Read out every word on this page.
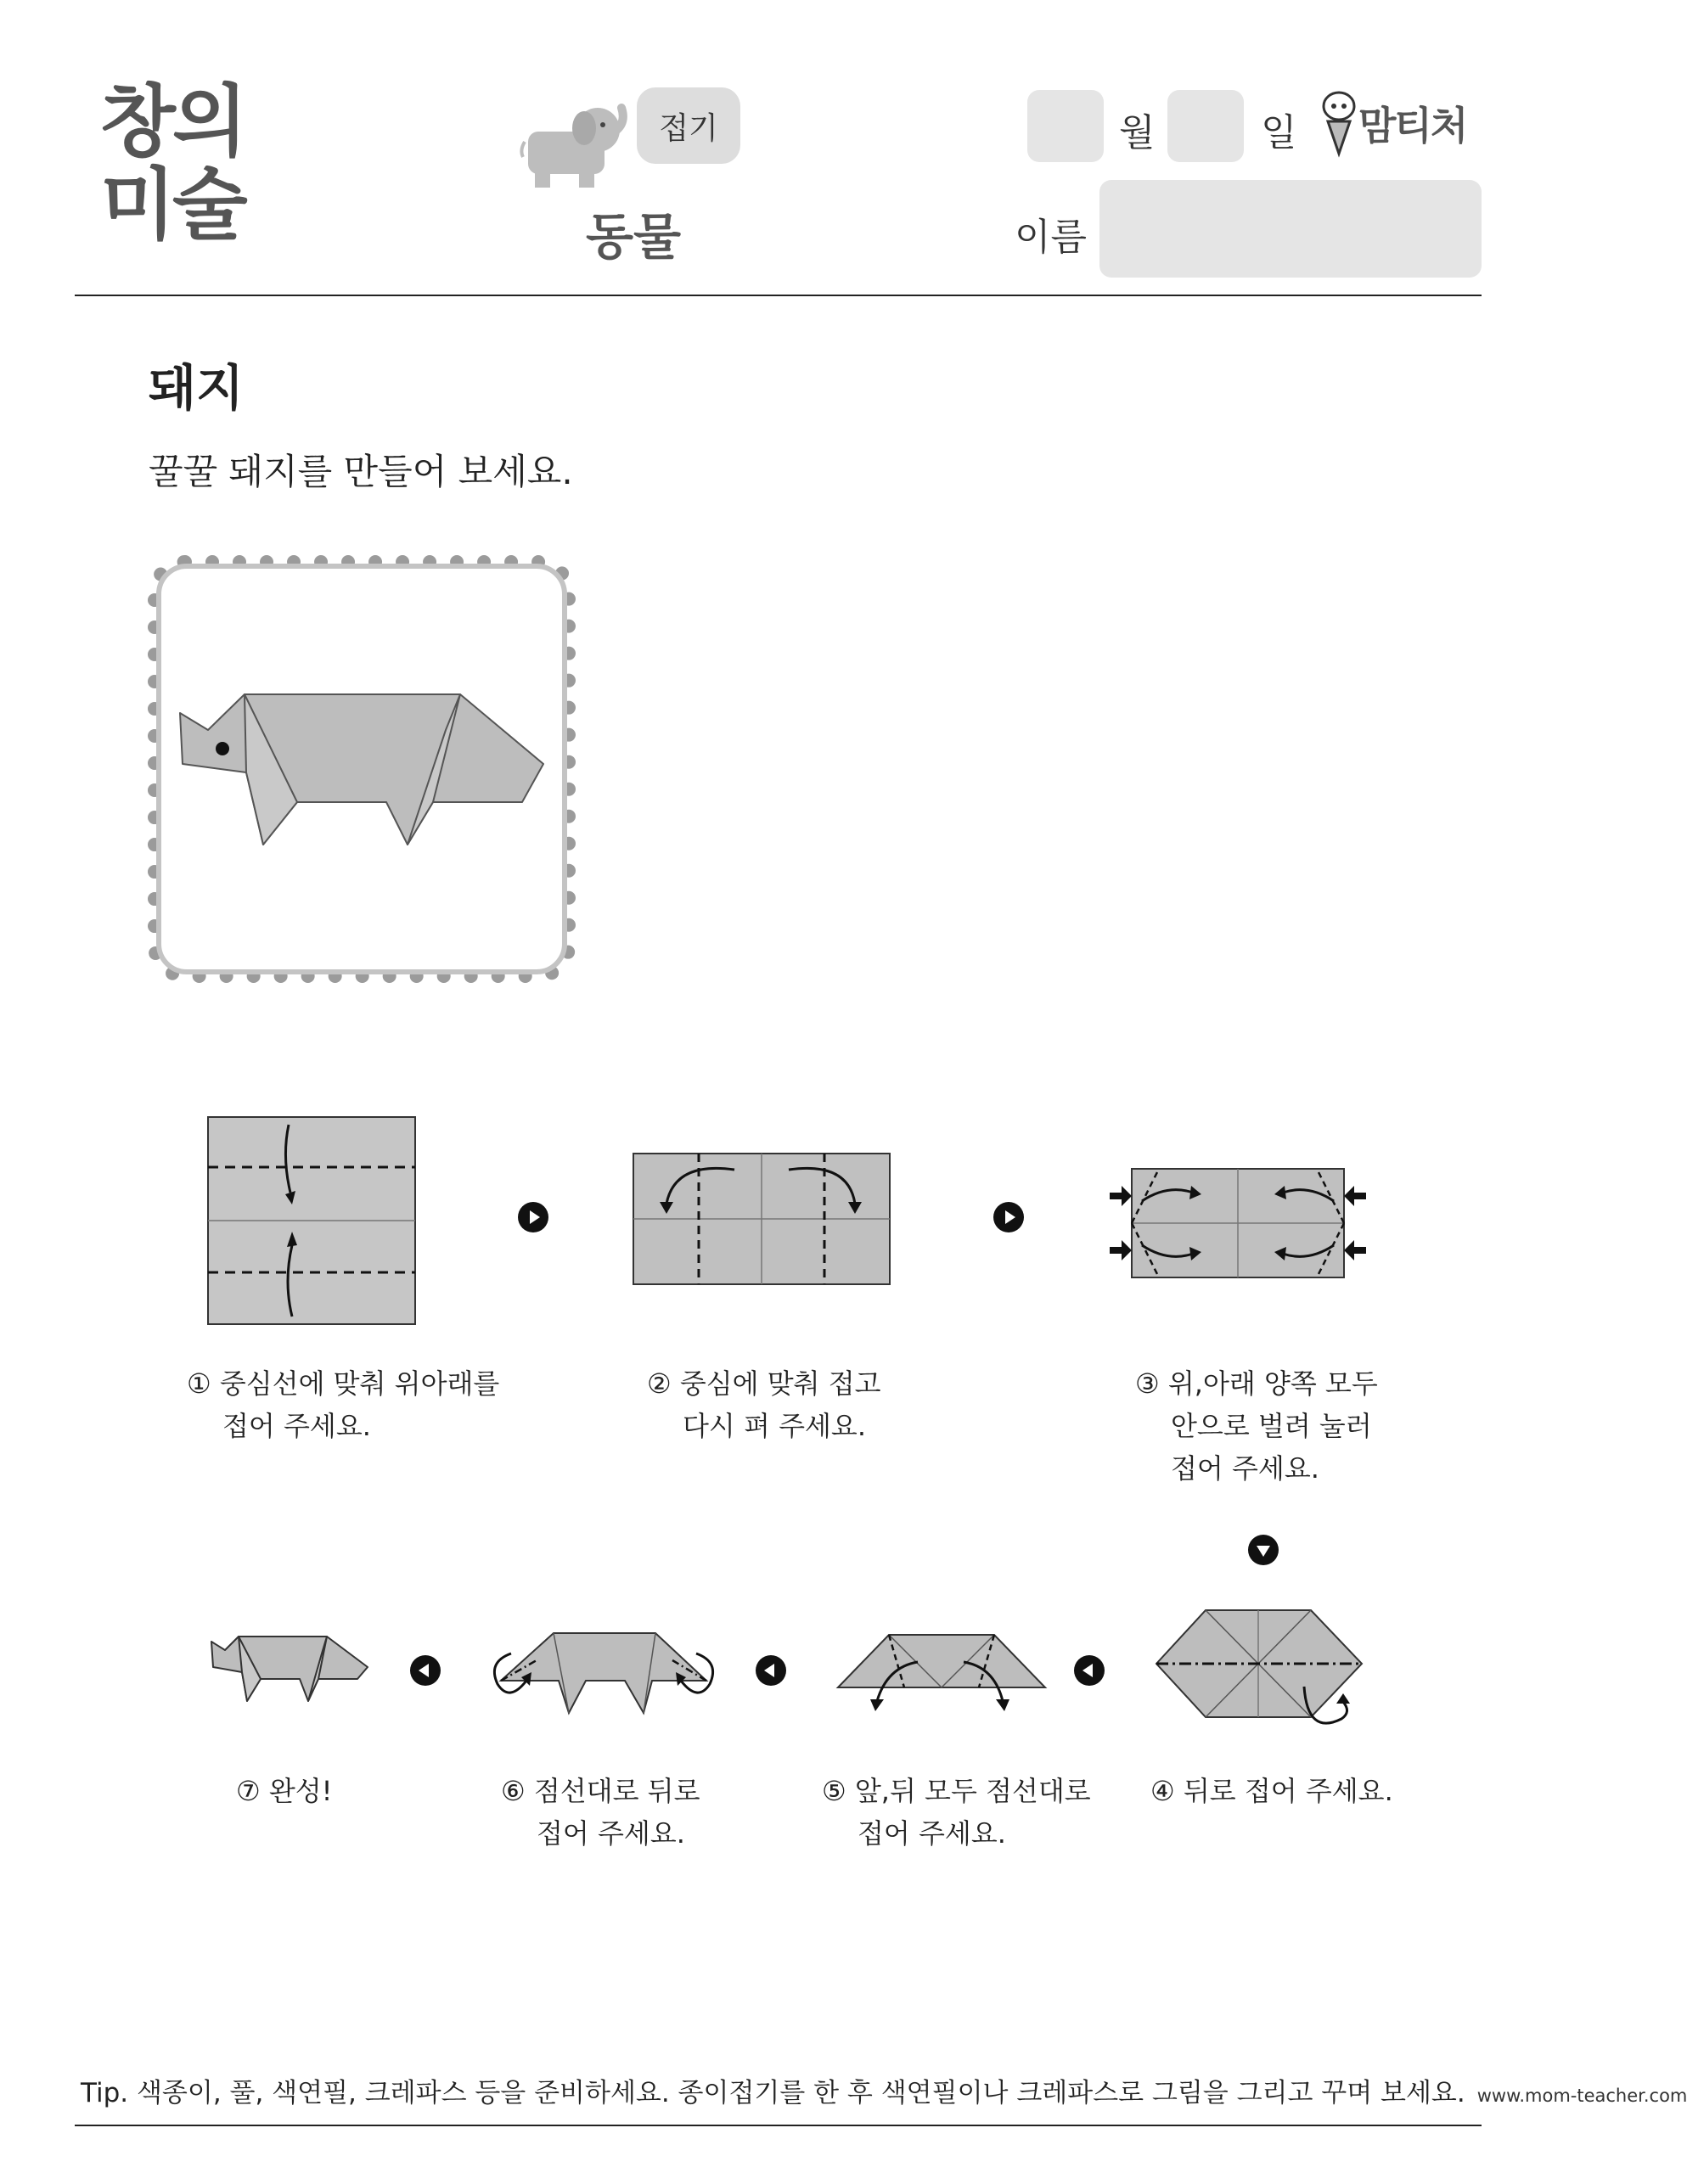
창의
미술
접기
동물
월	일 맘티처
이름
돼지
꿀꿀 돼지를 만들어 보세요.
① 중심선에 맞춰 위아래를
접어 주세요.
② 중심에 맞춰 접고
다시 펴 주세요.
③ 위,아래 양쪽 모두
안으로 벌려 눌러
접어 주세요.
④ 뒤로 접어 주세요.
⑤ 앞,뒤 모두 점선대로
접어 주세요.
⑥ 점선대로 뒤로
접어 주세요.
⑦ 완성!
Tip. 색종이, 풀, 색연필, 크레파스 등을 준비하세요. 종이접기를 한 후 색연필이나 크레파스로 그림을 그리고 꾸며 보세요. www.mom-teacher.com
